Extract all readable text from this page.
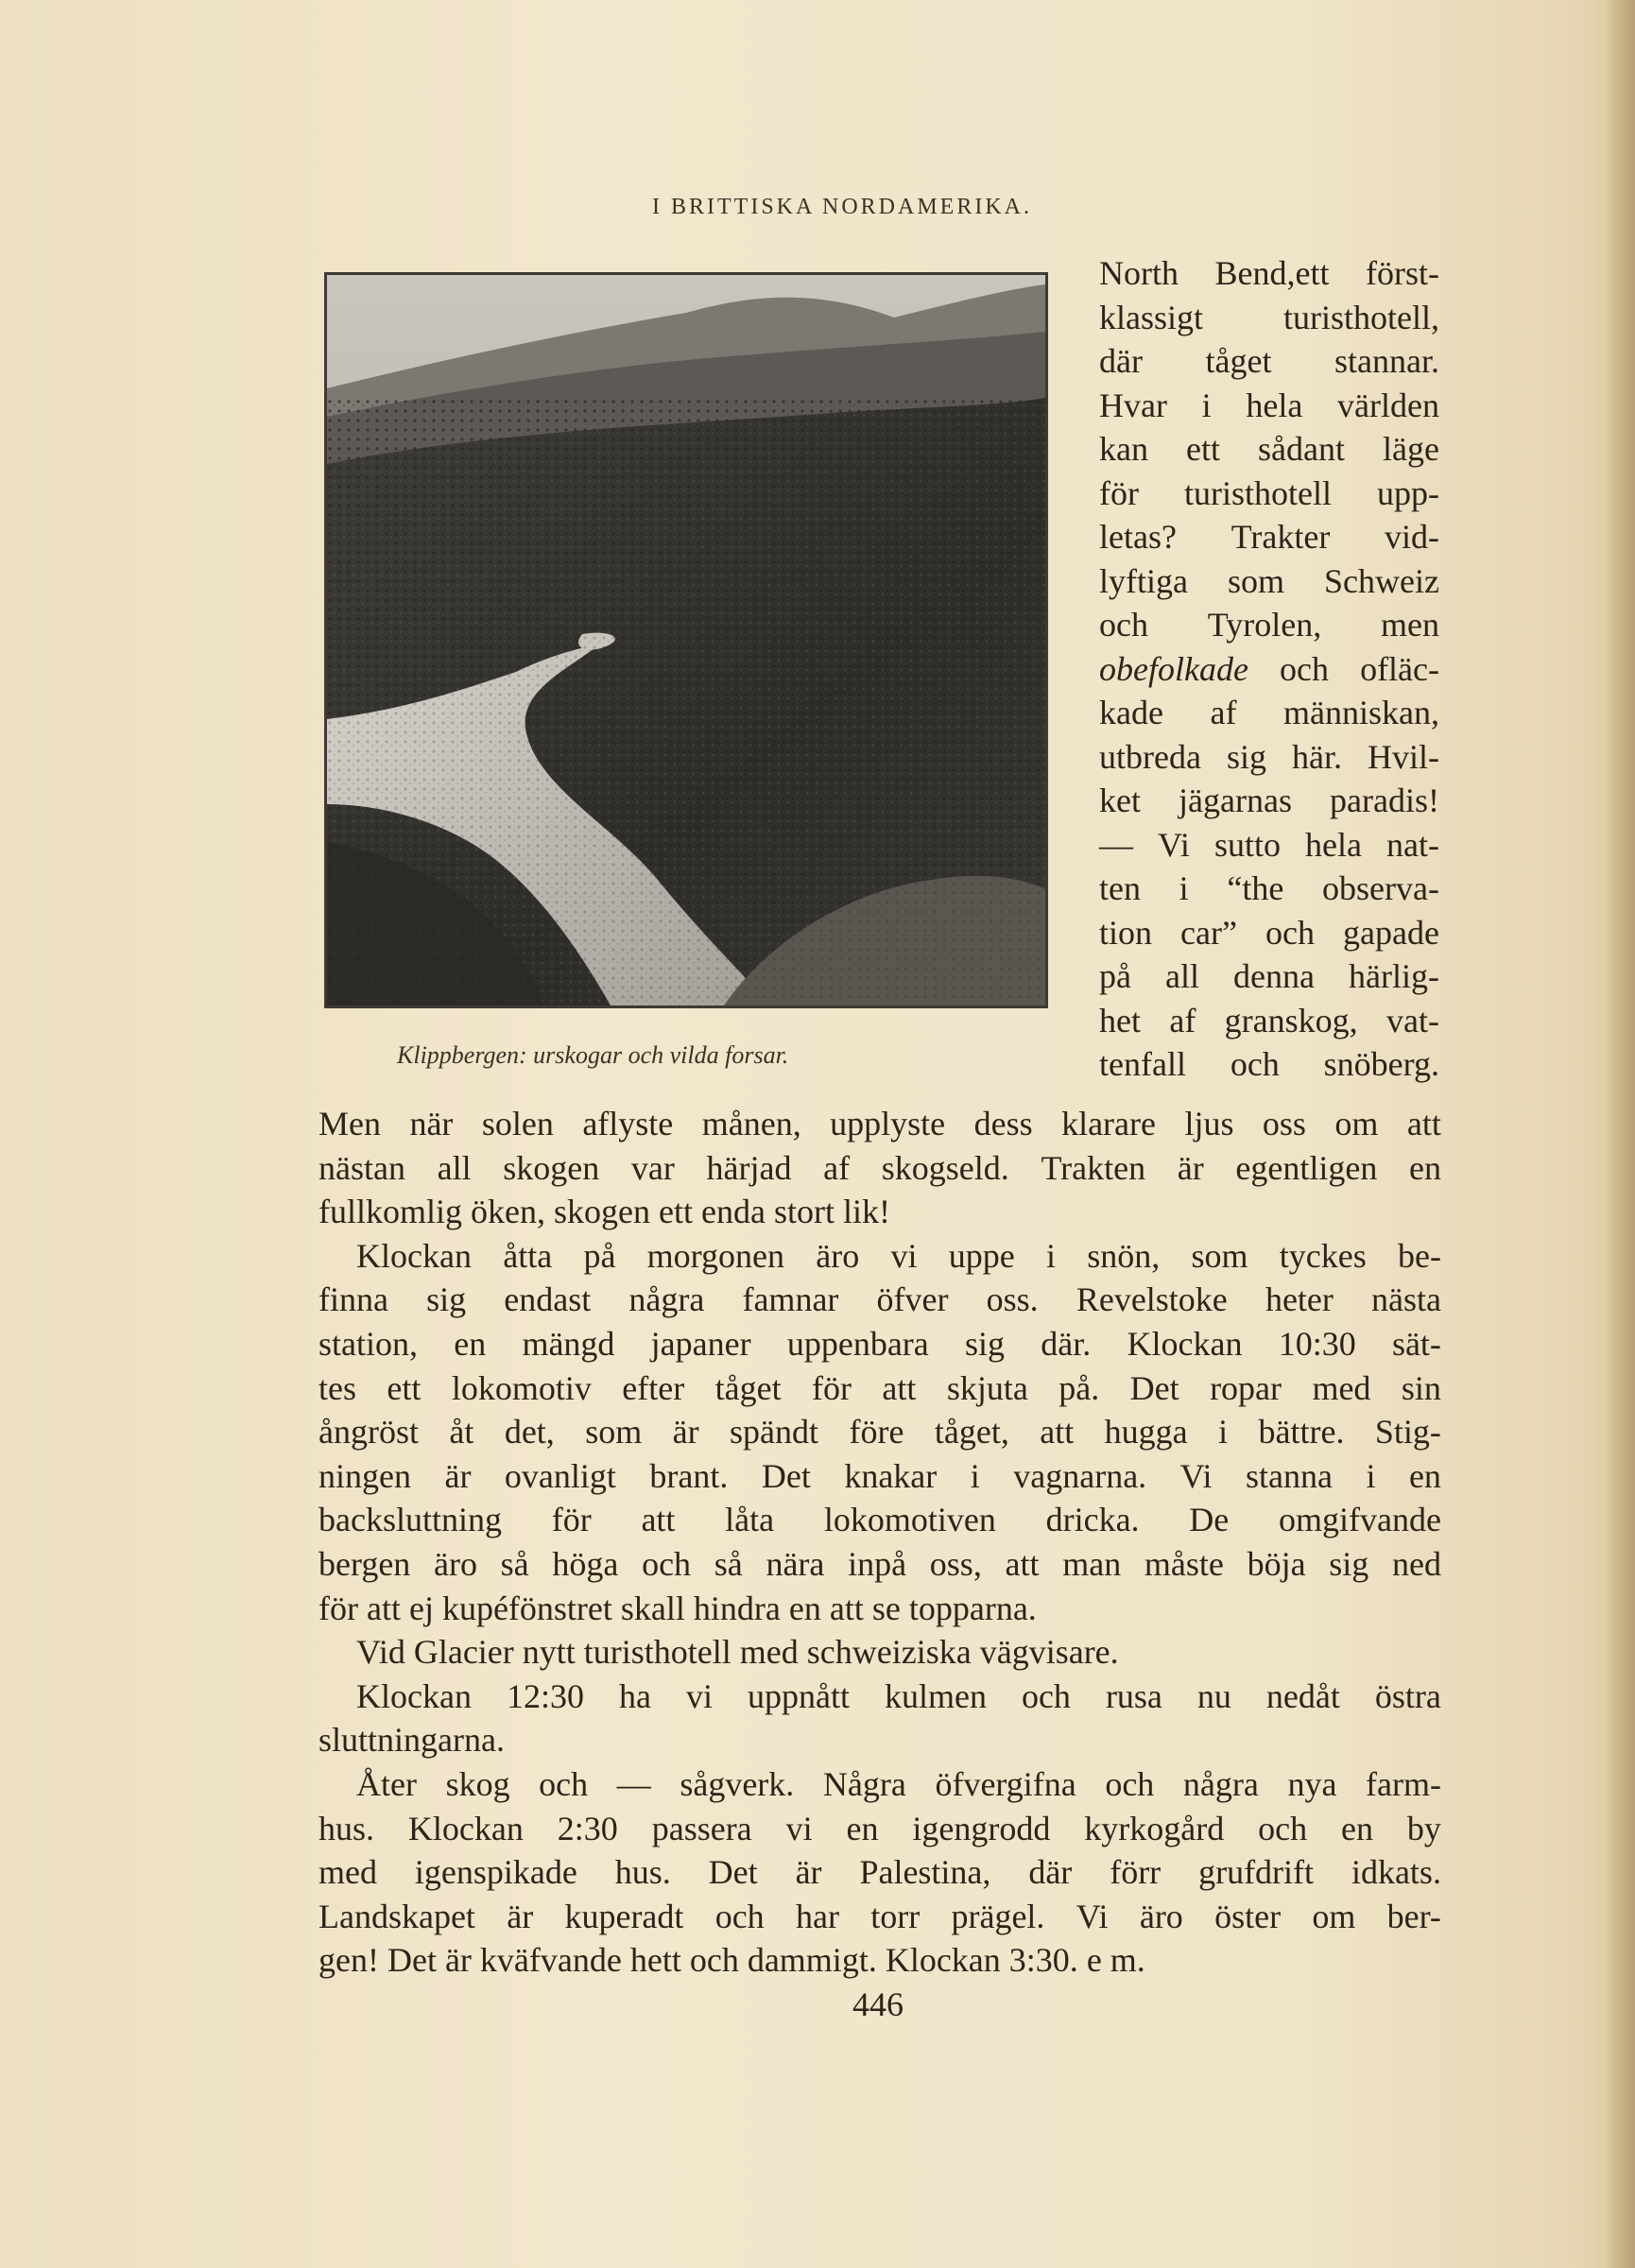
I BRITTISKA NORDAMERIKA.
Klippbergen: urskogar och vilda forsar.
North Bend,ett först-
klassigt turisthotell,
där tåget stannar.
Hvar i hela världen
kan ett sådant läge
för turisthotell upp-
letas? Trakter vid-
lyftiga som Schweiz
och Tyrolen, men
obefolkade och ofläc-
kade af människan,
utbreda sig här. Hvil-
ket jägarnas paradis!
— Vi sutto hela nat-
ten i “the observa-
tion car” och gapade
på all denna härlig-
het af granskog, vat-
tenfall och snöberg.
Men när solen aflyste månen, upplyste dess klarare ljus oss om att
nästan all skogen var härjad af skogseld. Trakten är egentligen en
fullkomlig öken, skogen ett enda stort lik!
Klockan åtta på morgonen äro vi uppe i snön, som tyckes be-
finna sig endast några famnar öfver oss. Revelstoke heter nästa
station, en mängd japaner uppenbara sig där. Klockan 10:30 sät-
tes ett lokomotiv efter tåget för att skjuta på. Det ropar med sin
ångröst åt det, som är spändt före tåget, att hugga i bättre. Stig-
ningen är ovanligt brant. Det knakar i vagnarna. Vi stanna i en
backsluttning för att låta lokomotiven dricka. De omgifvande
bergen äro så höga och så nära inpå oss, att man måste böja sig ned
för att ej kupéfönstret skall hindra en att se topparna.
Vid Glacier nytt turisthotell med schweiziska vägvisare.
Klockan 12:30 ha vi uppnått kulmen och rusa nu nedåt östra
sluttningarna.
Åter skog och — sågverk. Några öfvergifna och några nya farm-
hus. Klockan 2:30 passera vi en igengrodd kyrkogård och en by
med igenspikade hus. Det är Palestina, där förr grufdrift idkats.
Landskapet är kuperadt och har torr prägel. Vi äro öster om ber-
gen! Det är kväfvande hett och dammigt. Klockan 3:30. e m.
446
